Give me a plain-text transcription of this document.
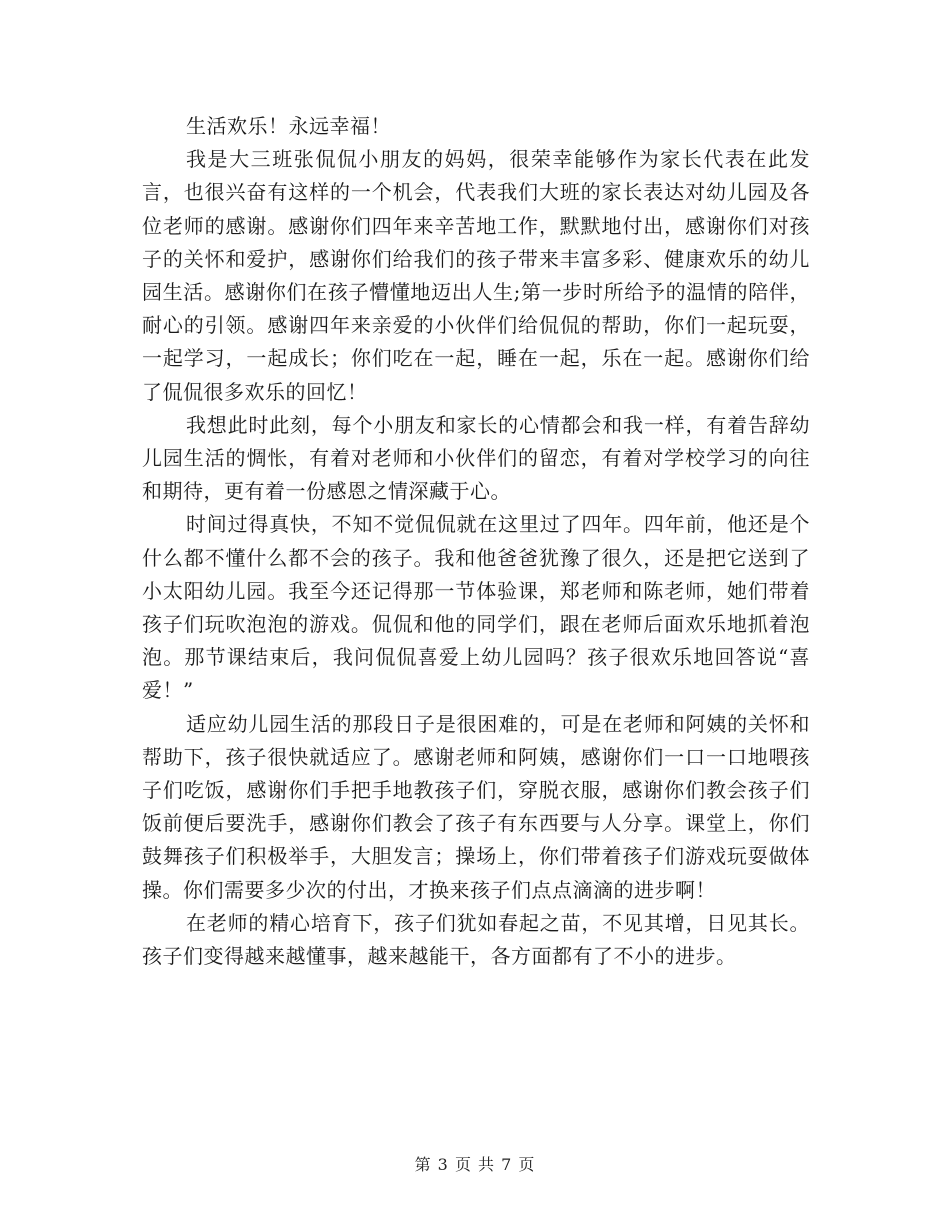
生活欢乐！永远幸福！

我是大三班张侃侃小朋友的妈妈，很荣幸能够作为家长代表在此发言，也很兴奋有这样的一个机会，代表我们大班的家长表达对幼儿园及各位老师的感谢。感谢你们四年来辛苦地工作，默默地付出，感谢你们对孩子的关怀和爱护，感谢你们给我们的孩子带来丰富多彩、健康欢乐的幼儿园生活。感谢你们在孩子懵懂地迈出人生;第一步时所给予的温情的陪伴，耐心的引领。感谢四年来亲爱的小伙伴们给侃侃的帮助，你们一起玩耍，一起学习，一起成长；你们吃在一起，睡在一起，乐在一起。感谢你们给了侃侃很多欢乐的回忆！

我想此时此刻，每个小朋友和家长的心情都会和我一样，有着告辞幼儿园生活的惆怅，有着对老师和小伙伴们的留恋，有着对学校学习的向往和期待，更有着一份感恩之情深藏于心。

时间过得真快，不知不觉侃侃就在这里过了四年。四年前，他还是个什么都不懂什么都不会的孩子。我和他爸爸犹豫了很久，还是把它送到了小太阳幼儿园。我至今还记得那一节体验课，郑老师和陈老师，她们带着孩子们玩吹泡泡的游戏。侃侃和他的同学们，跟在老师后面欢乐地抓着泡泡。那节课结束后，我问侃侃喜爱上幼儿园吗？孩子很欢乐地回答说“喜爱！”

适应幼儿园生活的那段日子是很困难的，可是在老师和阿姨的关怀和帮助下，孩子很快就适应了。感谢老师和阿姨，感谢你们一口一口地喂孩子们吃饭，感谢你们手把手地教孩子们，穿脱衣服，感谢你们教会孩子们饭前便后要洗手，感谢你们教会了孩子有东西要与人分享。课堂上，你们鼓舞孩子们积极举手，大胆发言；操场上，你们带着孩子们游戏玩耍做体操。你们需要多少次的付出，才换来孩子们点点滴滴的进步啊！

在老师的精心培育下，孩子们犹如春起之苗，不见其增，日见其长。孩子们变得越来越懂事，越来越能干，各方面都有了不小的进步。

第 3 页 共 7 页
